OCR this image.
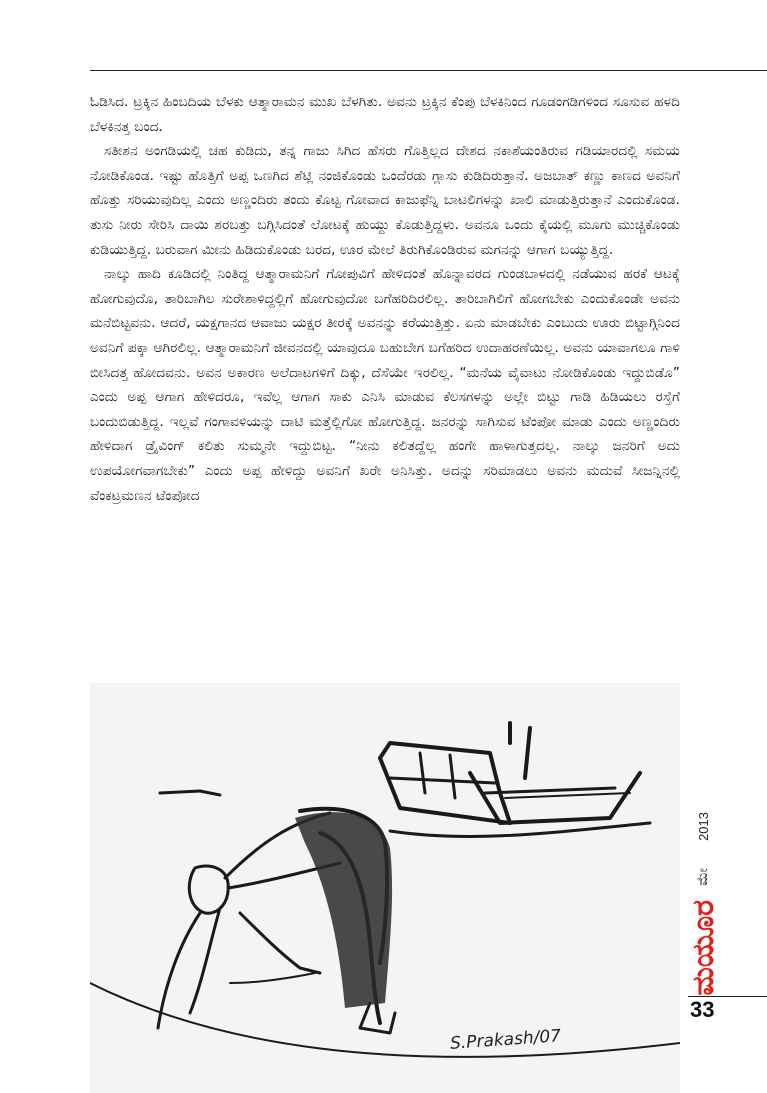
ಓಡಿಸಿದ. ಟ್ರಕ್ಕಿನ ಹಿಂಬದಿಯ ಬೆಳಕು ಆತ್ಮಾರಾಮನ ಮುಖ ಬೆಳಗಿತು. ಅವನು ಟ್ರಕ್ಕಿನ ಕೆಂಪು ಬೆಳಕಿನಿಂದ ಗೂಡಂಗಡಿಗಳಿಂದ ಸೂಸುವ ಹಳದಿ ಬೆಳಕಿನತ್ತ ಬಂದ.

ಸತೀಶನ ಅಂಗಡಿಯಲ್ಲಿ ಚಹ ಕುಡಿದು, ತನ್ನ ಗಾಜು ಸಿಗಿದ ಹೆಸರು ಗೊತ್ತಿಲ್ಲದ ದೇಶದ ನಕಾಶೆಯಂತಿರುವ ಗಡಿಯಾರದಲ್ಲಿ ಸಮಯ ನೋಡಿಕೊಂಡ. ಇಷ್ಟು ಹೊತ್ತಿಗೆ ಅಪ್ಪ ಒಣಗಿದ ಶೆಟ್ಲಿ ನಂಜಿಕೊಂಡು ಒಂದೆರಡು ಗ್ಲಾಸು ಕುಡಿದಿರುತ್ತಾನೆ. ಅಜಬಾತ್ ಕಣ್ಣು ಕಾಣದ ಅವನಿಗೆ ಹೊತ್ತು ಸರಿಯುವುದಿಲ್ಲ ಎಂದು ಅಣ್ಣಂದಿರು ತಂದು ಕೊಟ್ಟ ಗೋವಾದ ಕಾಜುಫೆನ್ನಿ ಬಾಟಲಿಗಳನ್ನು ಖಾಲಿ ಮಾಡುತ್ತಿರುತ್ತಾನೆ ಎಂದುಕೊಂಡ. ತುಸು ನೀರು ಸೇರಿಸಿ ದಾಯಿ ಶರಬತ್ತು ಬಗ್ಗಿಸಿದಂತೆ ಲೋಟಕ್ಕೆ ಹುಯ್ದು ಕೊಡುತ್ತಿದ್ದಳು. ಅವನೂ ಒಂದು ಕೈಯಲ್ಲಿ ಮೂಗು ಮುಚ್ಚಿಕೊಂಡು ಕುಡಿಯುತ್ತಿದ್ದ. ಬರುವಾಗ ಮೀನು ಹಿಡಿದುಕೊಂಡು ಬರದ, ಊರ ಮೇಲೆ ತಿರುಗಿಕೊಂಡಿರುವ ಮಗನನ್ನು ಆಗಾಗ ಬಯ್ಯುತ್ತಿದ್ದ.

ನಾಲ್ಕು ಹಾದಿ ಕೂಡಿದಲ್ಲಿ ನಿಂತಿದ್ದ ಆತ್ಮಾರಾಮನಿಗೆ ಗೋಪುವಿಗೆ ಹೇಳಿದಂತೆ ಹೊನ್ನಾವರದ ಗುಂಡಬಾಳದಲ್ಲಿ ನಡೆಯುವ ಹರಕೆ ಆಟಕ್ಕೆ ಹೋಗುವುದೊ, ತಾರಿಬಾಗಿಲ ಸುರೇಶಾಳಿದ್ದಲ್ಲಿಗೆ ಹೋಗುವುದೋ ಬಗೆಹರಿದಿರಲಿಲ್ಲ. ತಾರಿಬಾಗಿಲಿಗೆ ಹೋಗಬೇಕು ಎಂದುಕೊಂಡೇ ಅವನು ಮನೆಬಿಟ್ಟವನು. ಆದರೆ, ಯಕ್ಷಗಾನದ ಆವಾಜು ಯಕ್ಷರ ತೀರಕ್ಕೆ ಅವನನ್ನು ಕರೆಯುತ್ತಿತ್ತು. ಏನು ಮಾಡಬೇಕು ಎಂಬುದು ಊರು ಬಿಟ್ಟಾಗ್ಗಿನಿಂದ ಅವನಿಗೆ ಪಕ್ಕಾ ಆಗಿರಲಿಲ್ಲ. ಆತ್ಮಾರಾಮನಿಗೆ ಜೀವನದಲ್ಲಿ ಯಾವುದೂ ಬಹುಬೇಗ ಬಗೆಹರಿದ ಉದಾಹರಣೆಯಿಲ್ಲ. ಅವನು ಯಾವಾಗಲೂ ಗಾಳಿ ಬೀಸಿದತ್ತ ಹೋದವನು. ಅವನ ಅಕಾರಣ ಅಲೆದಾಟಗಳಿಗೆ ದಿಕ್ಕು, ದೆಸೆಯೇ ಇರಲಿಲ್ಲ. “ಮನೆಯ ವೈವಾಟು ನೋಡಿಕೊಂಡು ಇದ್ದುಬಿಡೊ” ಎಂದು ಅಪ್ಪ ಆಗಾಗ ಹೇಳಿದರೂ, ಇವೆಲ್ಲ ಆಗಾಗ ಸಾಕು ಎನಿಸಿ ಮಾಡುವ ಕೆಲಸಗಳನ್ನು ಅಲ್ಲೇ ಬಿಟ್ಟು ಗಾಡಿ ಹಿಡಿಯಲು ರಸ್ತೆಗೆ ಬಂದುಬಿಡುತ್ತಿದ್ದ. ಇಲ್ಲವೆ ಗಂಗಾವಳಿಯನ್ನು ದಾಟಿ ಮತ್ತೆಲ್ಲಿಗೋ ಹೋಗುತ್ತಿದ್ದ. ಜನರನ್ನು ಸಾಗಿಸುವ ಟೆಂಪೋ ಮಾಡು ಎಂದು ಅಣ್ಣಂದಿರು ಹೇಳಿದಾಗ ಡ್ರೈವಿಂಗ್ ಕಲಿತು ಸುಮ್ಮನೇ ಇದ್ದುಬಿಟ್ಟ. “ನೀನು ಕಲಿತದ್ದೆಲ್ಲ ಹಂಗೇ ಹಾಳಾಗುತ್ತದಲ್ಲ. ನಾಲ್ಕು ಜನರಿಗೆ ಅದು ಉಪಯೋಗವಾಗಬೇಕು” ಎಂದು ಅಪ್ಪ ಹೇಳಿದ್ದು ಅವನಿಗೆ ಖರೇ ಅನಿಸಿತ್ತು. ಅದನ್ನು ಸರಿಮಾಡಲು ಅವನು ಮದುವೆ ಸೀಜನ್ನಿನಲ್ಲಿ ವೆಂಕಟ್ರಮಣನ ಟೆಂಪೋದ

S.Prakash/07
2013
ಮೇ
ಮಯೂರ
33
